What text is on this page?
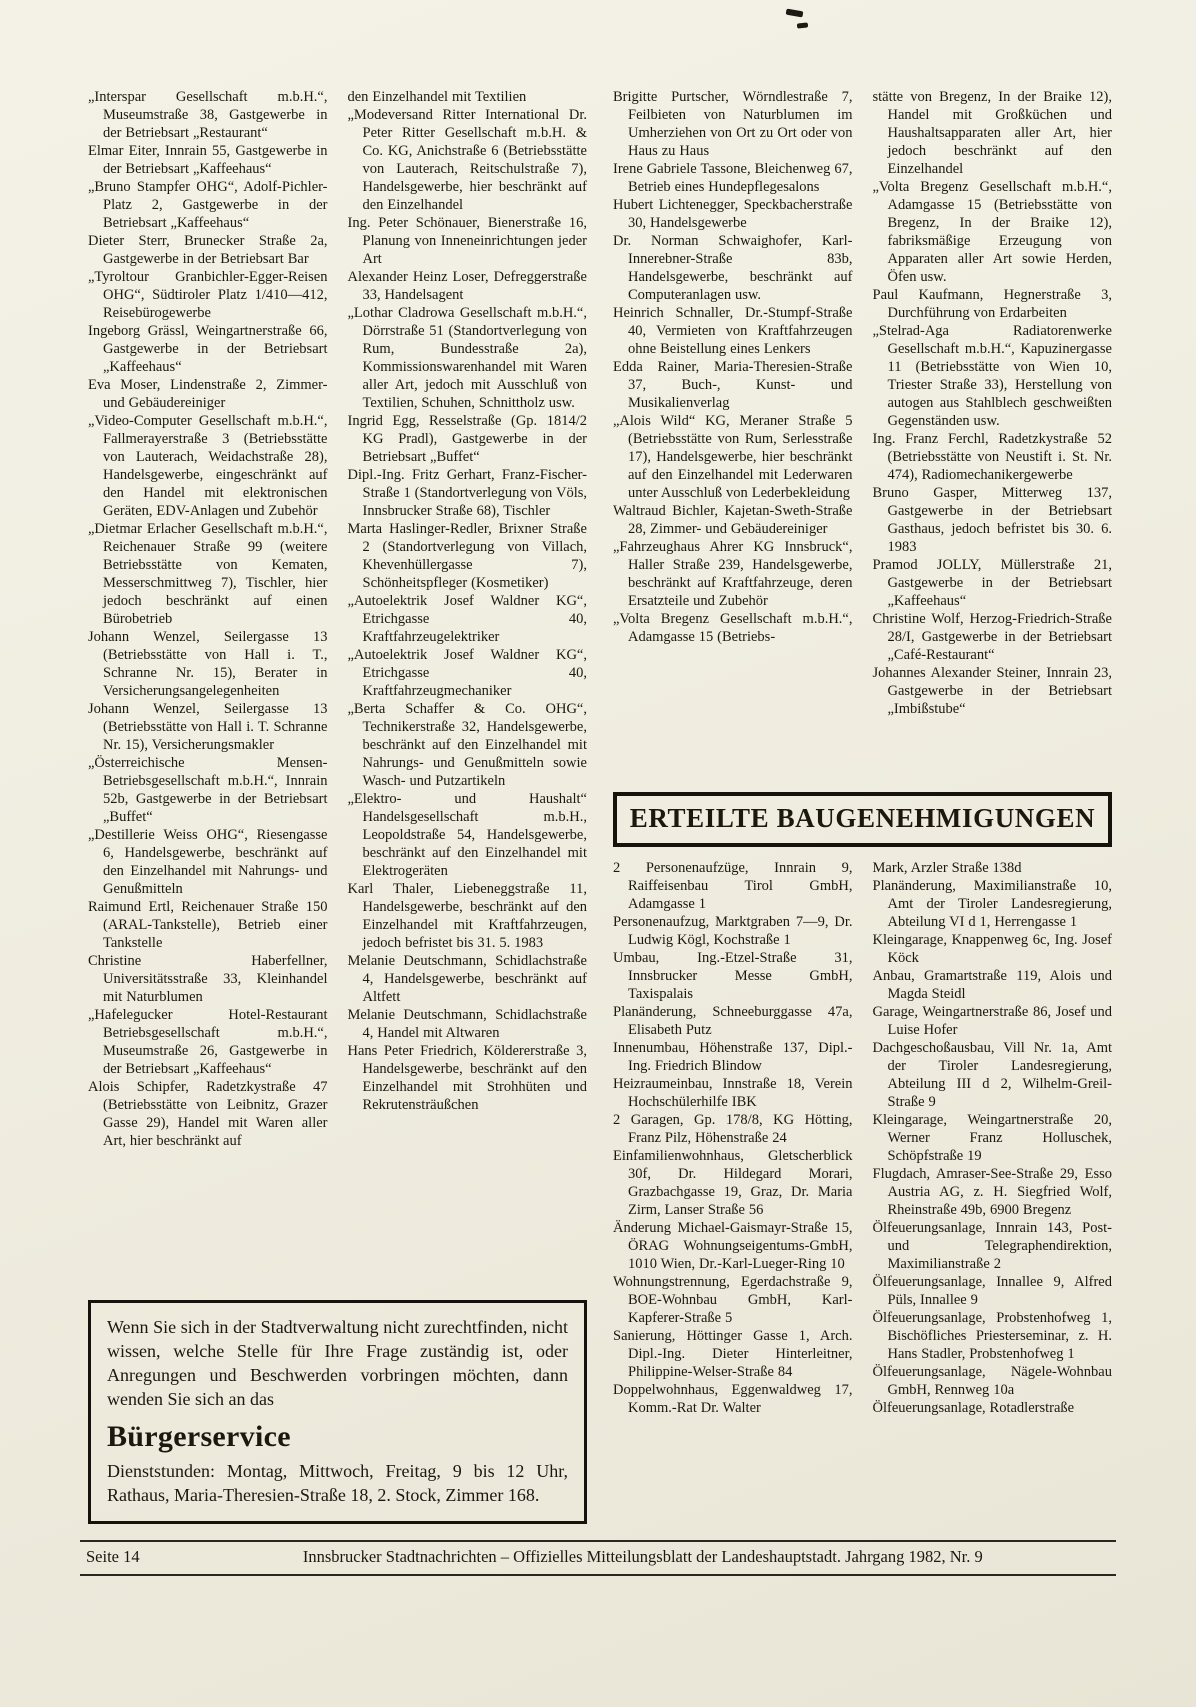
„Interspar Gesellschaft m.b.H.“, Museumstraße 38, Gastgewerbe in der Betriebsart „Restaurant“

Elmar Eiter, Innrain 55, Gastgewerbe in der Betriebsart „Kaffeehaus“

„Bruno Stampfer OHG“, Adolf-Pichler-Platz 2, Gastgewerbe in der Betriebsart „Kaffeehaus“

Dieter Sterr, Brunecker Straße 2a, Gastgewerbe in der Betriebsart Bar

„Tyroltour Granbichler-Egger-Reisen OHG“, Südtiroler Platz 1/410—412, Reisebürogewerbe

Ingeborg Grässl, Weingartnerstraße 66, Gastgewerbe in der Betriebsart „Kaffeehaus“

Eva Moser, Lindenstraße 2, Zimmer- und Gebäudereiniger

„Video-Computer Gesellschaft m.b.H.“, Fallmerayerstraße 3 (Betriebsstätte von Lauterach, Weidachstraße 28), Handelsgewerbe, eingeschränkt auf den Handel mit elektronischen Geräten, EDV-Anlagen und Zubehör

„Dietmar Erlacher Gesellschaft m.b.H.“, Reichenauer Straße 99 (weitere Betriebsstätte von Kematen, Messerschmittweg 7), Tischler, hier jedoch beschränkt auf einen Bürobetrieb

Johann Wenzel, Seilergasse 13 (Betriebsstätte von Hall i. T., Schranne Nr. 15), Berater in Versicherungsangelegenheiten

Johann Wenzel, Seilergasse 13 (Betriebsstätte von Hall i. T. Schranne Nr. 15), Versicherungsmakler

„Österreichische Mensen-Betriebsgesellschaft m.b.H.“, Innrain 52b, Gastgewerbe in der Betriebsart „Buffet“

„Destillerie Weiss OHG“, Riesengasse 6, Handelsgewerbe, beschränkt auf den Einzelhandel mit Nahrungs- und Genußmitteln

Raimund Ertl, Reichenauer Straße 150 (ARAL-Tankstelle), Betrieb einer Tankstelle

Christine Haberfellner, Universitätsstraße 33, Kleinhandel mit Naturblumen

„Hafelegucker Hotel-Restaurant Betriebsgesellschaft m.b.H.“, Museumstraße 26, Gastgewerbe in der Betriebsart „Kaffeehaus“

Alois Schipfer, Radetzkystraße 47 (Betriebsstätte von Leibnitz, Grazer Gasse 29), Handel mit Waren aller Art, hier beschränkt auf

den Einzelhandel mit Textilien

„Modeversand Ritter International Dr. Peter Ritter Gesellschaft m.b.H. & Co. KG, Anichstraße 6 (Betriebsstätte von Lauterach, Reitschulstraße 7), Handelsgewerbe, hier beschränkt auf den Einzelhandel

Ing. Peter Schönauer, Bienerstraße 16, Planung von Inneneinrichtungen jeder Art

Alexander Heinz Loser, Defreggerstraße 33, Handelsagent

„Lothar Cladrowa Gesellschaft m.b.H.“, Dörrstraße 51 (Standortverlegung von Rum, Bundesstraße 2a), Kommissionswarenhandel mit Waren aller Art, jedoch mit Ausschluß von Textilien, Schuhen, Schnittholz usw.

Ingrid Egg, Resselstraße (Gp. 1814/2 KG Pradl), Gastgewerbe in der Betriebsart „Buffet“

Dipl.-Ing. Fritz Gerhart, Franz-Fischer-Straße 1 (Standortverlegung von Völs, Innsbrucker Straße 68), Tischler

Marta Haslinger-Redler, Brixner Straße 2 (Standortverlegung von Villach, Khevenhüllergasse 7), Schönheitspfleger (Kosmetiker)

„Autoelektrik Josef Waldner KG“, Etrichgasse 40, Kraftfahrzeugelektriker

„Autoelektrik Josef Waldner KG“, Etrichgasse 40, Kraftfahrzeugmechaniker

„Berta Schaffer & Co. OHG“, Technikerstraße 32, Handelsgewerbe, beschränkt auf den Einzelhandel mit Nahrungs- und Genußmitteln sowie Wasch- und Putzartikeln

„Elektro- und Haushalt“ Handelsgesellschaft m.b.H., Leopoldstraße 54, Handelsgewerbe, beschränkt auf den Einzelhandel mit Elektrogeräten

Karl Thaler, Liebeneggstraße 11, Handelsgewerbe, beschränkt auf den Einzelhandel mit Kraftfahrzeugen, jedoch befristet bis 31. 5. 1983

Melanie Deutschmann, Schidlachstraße 4, Handelsgewerbe, beschränkt auf Altfett

Melanie Deutschmann, Schidlachstraße 4, Handel mit Altwaren

Hans Peter Friedrich, Köldererstraße 3, Handelsgewerbe, beschränkt auf den Einzelhandel mit Strohhüten und Rekrutensträußchen

Wenn Sie sich in der Stadtverwaltung nicht zurechtfinden, nicht wissen, welche Stelle für Ihre Frage zuständig ist, oder Anregungen und Beschwerden vorbringen möchten, dann wenden Sie sich an das

Bürgerservice

Dienststunden: Montag, Mittwoch, Freitag, 9 bis 12 Uhr, Rathaus, Maria-Theresien-Straße 18, 2. Stock, Zimmer 168.

Brigitte Purtscher, Wörndlestraße 7, Feilbieten von Naturblumen im Umherziehen von Ort zu Ort oder von Haus zu Haus

Irene Gabriele Tassone, Bleichenweg 67, Betrieb eines Hundepflegesalons

Hubert Lichtenegger, Speckbacherstraße 30, Handelsgewerbe

Dr. Norman Schwaighofer, Karl-Innerebner-Straße 83b, Handelsgewerbe, beschränkt auf Computeranlagen usw.

Heinrich Schnaller, Dr.-Stumpf-Straße 40, Vermieten von Kraftfahrzeugen ohne Beistellung eines Lenkers

Edda Rainer, Maria-Theresien-Straße 37, Buch-, Kunst- und Musikalienverlag

„Alois Wild“ KG, Meraner Straße 5 (Betriebsstätte von Rum, Serlesstraße 17), Handelsgewerbe, hier beschränkt auf den Einzelhandel mit Lederwaren unter Ausschluß von Lederbekleidung

Waltraud Bichler, Kajetan-Sweth-Straße 28, Zimmer- und Gebäudereiniger

„Fahrzeughaus Ahrer KG Innsbruck“, Haller Straße 239, Handelsgewerbe, beschränkt auf Kraftfahrzeuge, deren Ersatzteile und Zubehör

„Volta Bregenz Gesellschaft m.b.H.“, Adamgasse 15 (Betriebs-

stätte von Bregenz, In der Braike 12), Handel mit Großküchen und Haushaltsapparaten aller Art, hier jedoch beschränkt auf den Einzelhandel

„Volta Bregenz Gesellschaft m.b.H.“, Adamgasse 15 (Betriebsstätte von Bregenz, In der Braike 12), fabriksmäßige Erzeugung von Apparaten aller Art sowie Herden, Öfen usw.

Paul Kaufmann, Hegnerstraße 3, Durchführung von Erdarbeiten

„Stelrad-Aga Radiatorenwerke Gesellschaft m.b.H.“, Kapuzinergasse 11 (Betriebsstätte von Wien 10, Triester Straße 33), Herstellung von autogen aus Stahlblech geschweißten Gegenständen usw.

Ing. Franz Ferchl, Radetzkystraße 52 (Betriebsstätte von Neustift i. St. Nr. 474), Radiomechanikergewerbe

Bruno Gasper, Mitterweg 137, Gastgewerbe in der Betriebsart Gasthaus, jedoch befristet bis 30. 6. 1983

Pramod JOLLY, Müllerstraße 21, Gastgewerbe in der Betriebsart „Kaffeehaus“

Christine Wolf, Herzog-Friedrich-Straße 28/I, Gastgewerbe in der Betriebsart „Café-Restaurant“

Johannes Alexander Steiner, Innrain 23, Gastgewerbe in der Betriebsart „Imbißstube“

ERTEILTE BAUGENEHMIGUNGEN

2 Personenaufzüge, Innrain 9, Raiffeisenbau Tirol GmbH, Adamgasse 1

Personenaufzug, Marktgraben 7—9, Dr. Ludwig Kögl, Kochstraße 1

Umbau, Ing.-Etzel-Straße 31, Innsbrucker Messe GmbH, Taxispalais

Planänderung, Schneeburggasse 47a, Elisabeth Putz

Innenumbau, Höhenstraße 137, Dipl.-Ing. Friedrich Blindow

Heizraumeinbau, Innstraße 18, Verein Hochschülerhilfe IBK

2 Garagen, Gp. 178/8, KG Hötting, Franz Pilz, Höhenstraße 24

Einfamilienwohnhaus, Gletscherblick 30f, Dr. Hildegard Morari, Grazbachgasse 19, Graz, Dr. Maria Zirm, Lanser Straße 56

Änderung Michael-Gaismayr-Straße 15, ÖRAG Wohnungseigentums-GmbH, 1010 Wien, Dr.-Karl-Lueger-Ring 10

Wohnungstrennung, Egerdachstraße 9, BOE-Wohnbau GmbH, Karl-Kapferer-Straße 5

Sanierung, Höttinger Gasse 1, Arch. Dipl.-Ing. Dieter Hinterleitner, Philippine-Welser-Straße 84

Doppelwohnhaus, Eggenwaldweg 17, Komm.-Rat Dr. Walter

Mark, Arzler Straße 138d

Planänderung, Maximilianstraße 10, Amt der Tiroler Landesregierung, Abteilung VI d 1, Herrengasse 1

Kleingarage, Knappenweg 6c, Ing. Josef Köck

Anbau, Gramartstraße 119, Alois und Magda Steidl

Garage, Weingartnerstraße 86, Josef und Luise Hofer

Dachgeschoßausbau, Vill Nr. 1a, Amt der Tiroler Landesregierung, Abteilung III d 2, Wilhelm-Greil-Straße 9

Kleingarage, Weingartnerstraße 20, Werner Franz Holluschek, Schöpfstraße 19

Flugdach, Amraser-See-Straße 29, Esso Austria AG, z. H. Siegfried Wolf, Rheinstraße 49b, 6900 Bregenz

Ölfeuerungsanlage, Innrain 143, Post- und Telegraphendirektion, Maximilianstraße 2

Ölfeuerungsanlage, Innallee 9, Alfred Püls, Innallee 9

Ölfeuerungsanlage, Probstenhofweg 1, Bischöfliches Priesterseminar, z. H. Hans Stadler, Probstenhofweg 1

Ölfeuerungsanlage, Nägele-Wohnbau GmbH, Rennweg 10a

Ölfeuerungsanlage, Rotadlerstraße

Seite 14	Innsbrucker Stadtnachrichten – Offizielles Mitteilungsblatt der Landeshauptstadt. Jahrgang 1982, Nr. 9
